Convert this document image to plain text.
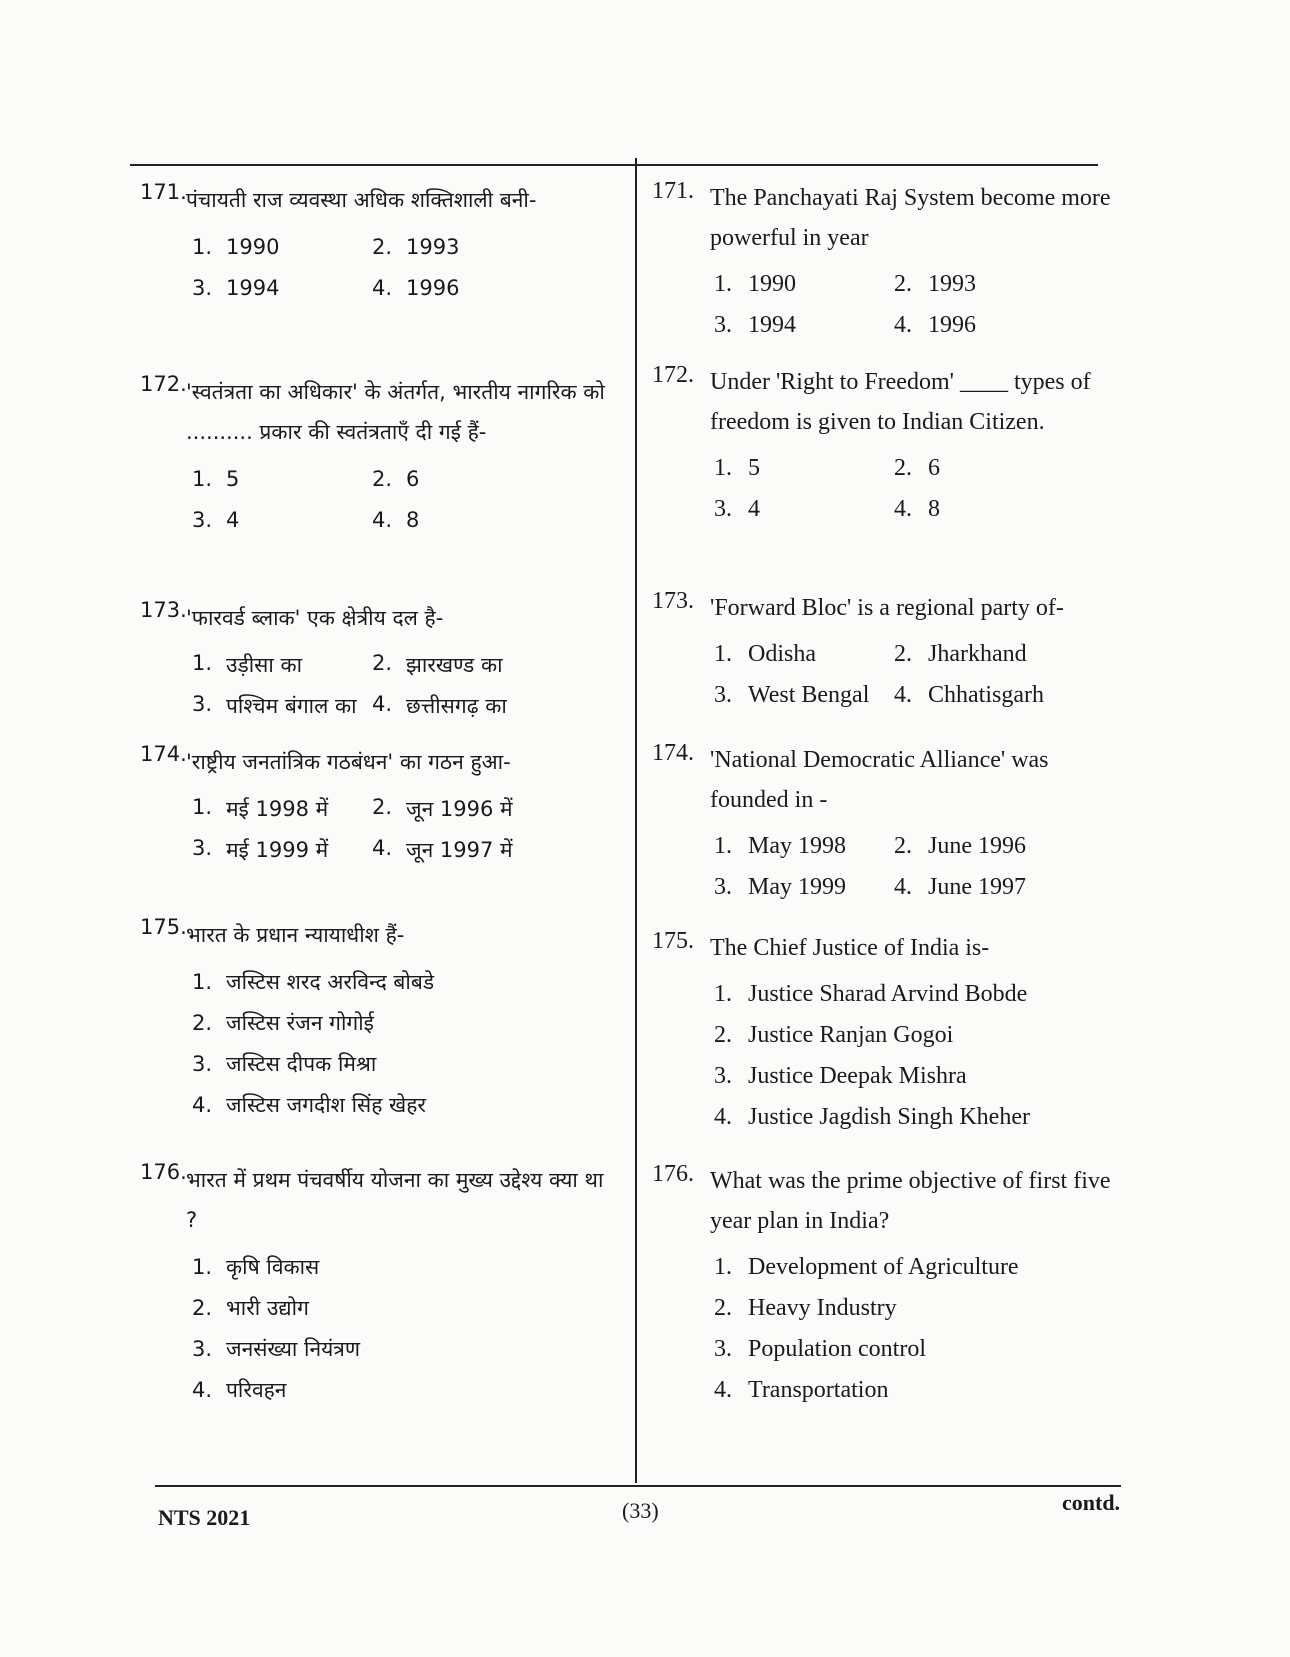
171. पंचायती राज व्यवस्था अधिक शक्तिशाली बनी-
1. 1990	2. 1993
3. 1994	4. 1996
172. 'स्वतंत्रता का अधिकार' के अंतर्गत, भारतीय नागरिक को .......... प्रकार की स्वतंत्रताएँ दी गई हैं-
1. 5	2. 6
3. 4	4. 8
173. 'फारवर्ड ब्लाक' एक क्षेत्रीय दल है-
1. उड़ीसा का	2. झारखण्ड का
3. पश्चिम बंगाल का 4. छत्तीसगढ़ का
174. 'राष्ट्रीय जनतांत्रिक गठबंधन' का गठन हुआ-
1. मई 1998 में 2. जून 1996 में
3. मई 1999 में 4. जून 1997 में
175. भारत के प्रधान न्यायाधीश हैं-
1. जस्टिस शरद अरविन्द बोबडे
2. जस्टिस रंजन गोगोई
3. जस्टिस दीपक मिश्रा
4. जस्टिस जगदीश सिंह खेहर
176. भारत में प्रथम पंचवर्षीय योजना का मुख्य उद्देश्य क्या था ?
1. कृषि विकास
2. भारी उद्योग
3. जनसंख्या नियंत्रण
4. परिवहन
171. The Panchayati Raj System become more powerful in year
1. 1990	2. 1993
3. 1994	4. 1996
172. Under 'Right to Freedom' ____ types of freedom is given to Indian Citizen.
1. 5	2. 6
3. 4	4. 8
173. 'Forward Bloc' is a regional party of-
1. Odisha	2. Jharkhand
3. West Bengal 4. Chhatisgarh
174. 'National Democratic Alliance' was founded in -
1. May 1998 2. June 1996
3. May 1999 4. June 1997
175. The Chief Justice of India is-
1. Justice Sharad Arvind Bobde
2. Justice Ranjan Gogoi
3. Justice Deepak Mishra
4. Justice Jagdish Singh Kheher
176. What was the prime objective of first five year plan in India?
1. Development of Agriculture
2. Heavy Industry
3. Population control
4. Transportation
NTS 2021	(33)	contd.
